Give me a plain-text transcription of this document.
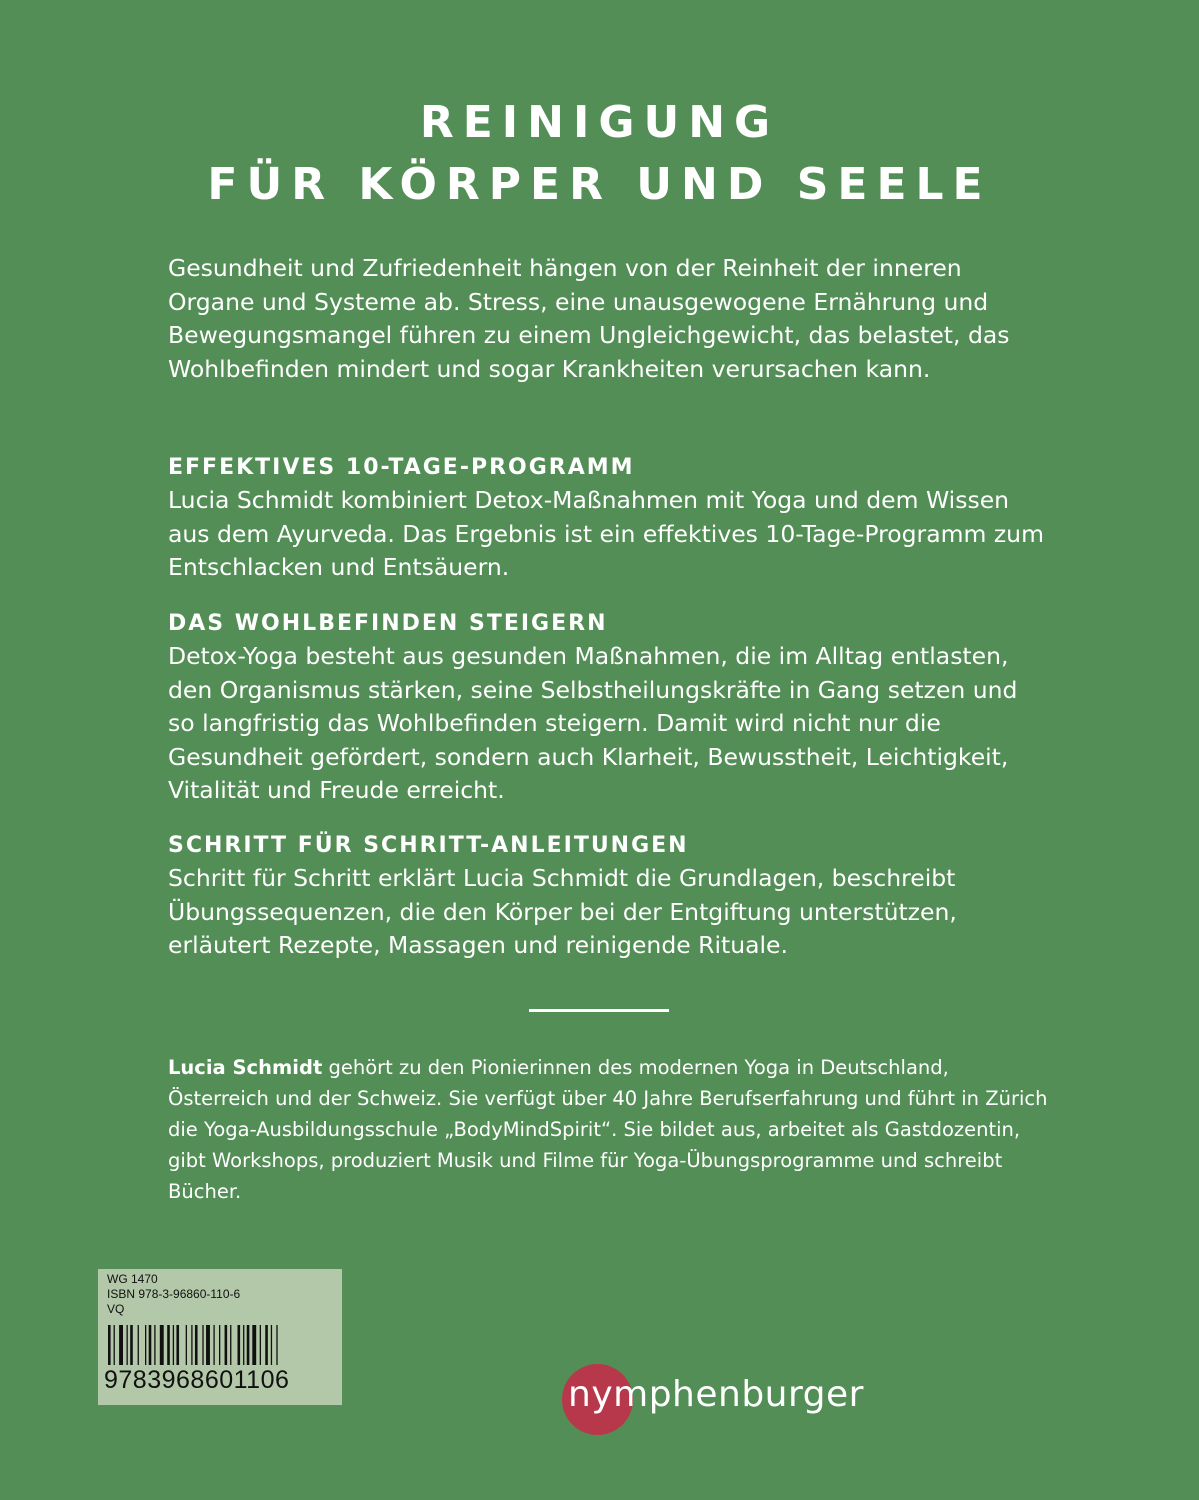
REINIGUNG
FÜR KÖRPER UND SEELE

Gesundheit und Zufriedenheit hängen von der Reinheit der inneren Organe und Systeme ab. Stress, eine unausgewogene Ernährung und Bewegungsmangel führen zu einem Ungleichgewicht, das belastet, das Wohlbefinden mindert und sogar Krankheiten verursachen kann.

EFFEKTIVES 10-TAGE-PROGRAMM

Lucia Schmidt kombiniert Detox-Maßnahmen mit Yoga und dem Wissen aus dem Ayurveda. Das Ergebnis ist ein effektives 10-Tage-Programm zum Entschlacken und Entsäuern.

DAS WOHLBEFINDEN STEIGERN

Detox-Yoga besteht aus gesunden Maßnahmen, die im Alltag entlasten, den Organismus stärken, seine Selbstheilungskräfte in Gang setzen und so langfristig das Wohlbefinden steigern. Damit wird nicht nur die Gesundheit gefördert, sondern auch Klarheit, Bewusstheit, Leichtigkeit, Vitalität und Freude erreicht.

SCHRITT FÜR SCHRITT-ANLEITUNGEN

Schritt für Schritt erklärt Lucia Schmidt die Grundlagen, beschreibt Übungssequenzen, die den Körper bei der Entgiftung unterstützen, erläutert Rezepte, Massagen und reinigende Rituale.

Lucia Schmidt gehört zu den Pionierinnen des modernen Yoga in Deutschland, Österreich und der Schweiz. Sie verfügt über 40 Jahre Berufserfahrung und führt in Zürich die Yoga-Ausbildungsschule „BodyMindSpirit“. Sie bildet aus, arbeitet als Gastdozentin, gibt Workshops, produziert Musik und Filme für Yoga-Übungsprogramme und schreibt Bücher.

WG 1470
ISBN 978-3-96860-110-6
VQ
9783968601106	nymphenburger
